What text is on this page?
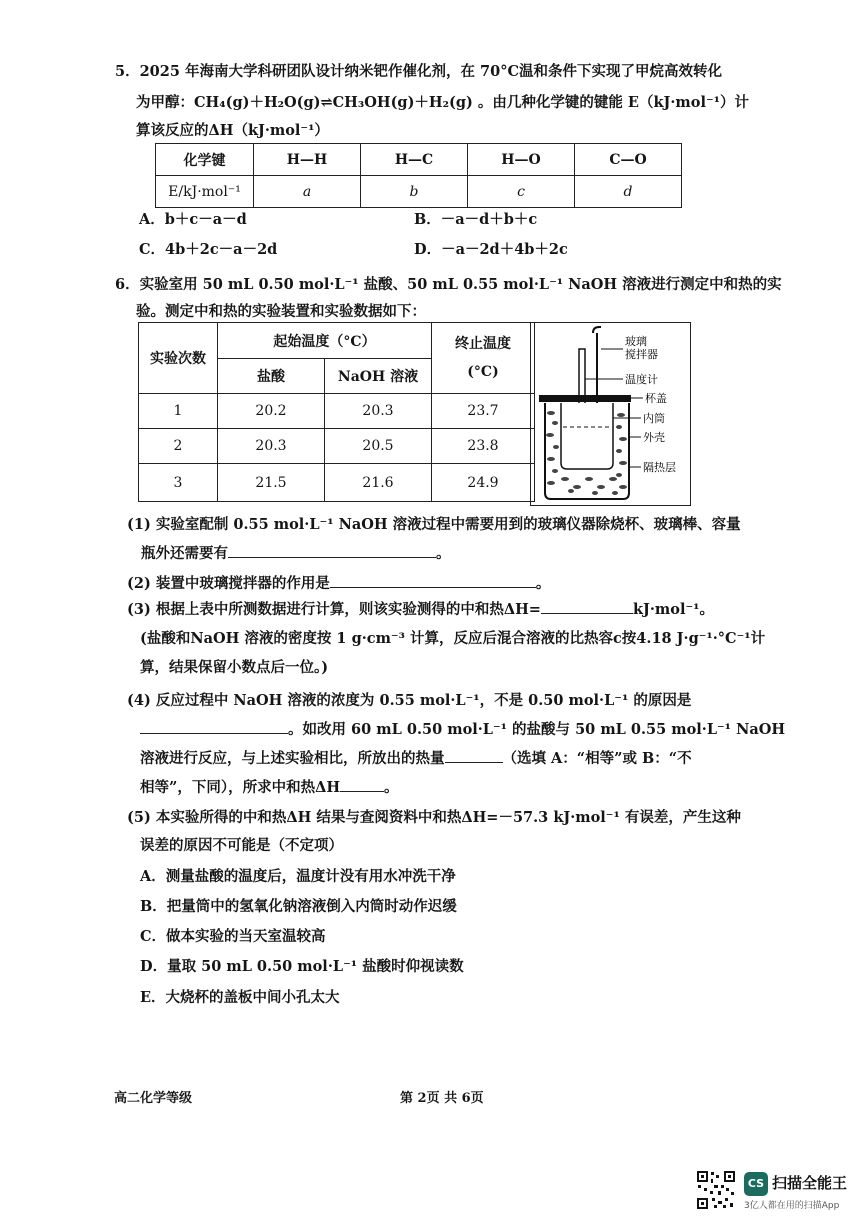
5．2025 年海南大学科研团队设计纳米钯作催化剂，在 70°C温和条件下实现了甲烷高效转化
为甲醇：CH₄(g)＋H₂O(g)⇌CH₃OH(g)＋H₂(g) 。由几种化学键的键能 E（kJ·mol⁻¹）计
算该反应的ΔH（kJ·mol⁻¹）
化学键	H—H	H—C	H—O	C—O
E/kJ·mol⁻¹	a	b	c	d
A．b＋c－a－d	B．－a－d＋b＋c
C．4b＋2c－a－2d	D．－a－2d＋4b＋2c
6．实验室用 50 mL 0.50 mol·L⁻¹ 盐酸、50 mL 0.55 mol·L⁻¹ NaOH 溶液进行测定中和热的实
验。测定中和热的实验装置和实验数据如下：
实验次数	起始温度（°C）		终止温度
(°C)

	盐酸	NaOH 溶液	
1	20.2	20.3	23.7
2	20.3	20.5	23.8
3	21.5	21.6	24.9
玻璃
搅拌器
温度计
杯盖
内筒
外壳
隔热层
(1) 实验室配制 0.55 mol·L⁻¹ NaOH 溶液过程中需要用到的玻璃仪器除烧杯、玻璃棒、容量
瓶外还需要有	。
(2) 装置中玻璃搅拌器的作用是	。
(3) 根据上表中所测数据进行计算，则该实验测得的中和热ΔH=	kJ·mol⁻¹。
(盐酸和NaOH 溶液的密度按 1 g·cm⁻³ 计算，反应后混合溶液的比热容c按4.18 J·g⁻¹·°C⁻¹计
算，结果保留小数点后一位。)
(4) 反应过程中 NaOH 溶液的浓度为 0.55 mol·L⁻¹，不是 0.50 mol·L⁻¹ 的原因是
。如改用 60 mL 0.50 mol·L⁻¹ 的盐酸与 50 mL 0.55 mol·L⁻¹ NaOH
溶液进行反应，与上述实验相比，所放出的热量	（选填 A：“相等”或 B：“不
相等”，下同），所求中和热ΔH	。
(5) 本实验所得的中和热ΔH 结果与查阅资料中和热ΔH=－57.3 kJ·mol⁻¹ 有误差，产生这种
误差的原因不可能是（不定项）
A．测量盐酸的温度后，温度计没有用水冲洗干净
B．把量筒中的氢氧化钠溶液倒入内筒时动作迟缓
C．做本实验的当天室温较高
D．量取 50 mL 0.50 mol·L⁻¹ 盐酸时仰视读数
E．大烧杯的盖板中间小孔太大
高二化学等级	第 2页 共 6页
CS 扫描全能王
3亿人都在用的扫描App
